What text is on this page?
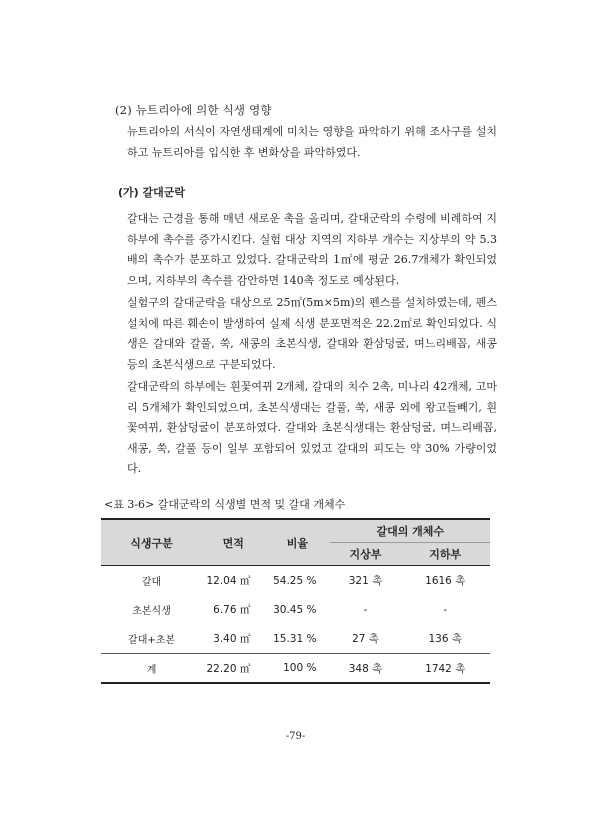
(2) 뉴트리아에 의한 식생 영향
뉴트리아의 서식이 자연생태계에 미치는 영향을 파악하기 위해 조사구를 설치하고 뉴트리아를 입식한 후 변화상을 파악하였다.
(가) 갈대군락
갈대는 근경을 통해 매년 새로운 촉을 올리며, 갈대군락의 수령에 비례하여 지하부에 촉수를 증가시킨다. 실험 대상 지역의 지하부 개수는 지상부의 약 5.3배의 촉수가 분포하고 있었다. 갈대군락의 1㎡에 평균 26.7개체가 확인되었으며, 지하부의 촉수를 감안하면 140촉 정도로 예상된다.
실험구의 갈대군락을 대상으로 25㎡(5m×5m)의 펜스를 설치하였는데, 펜스 설치에 따른 훼손이 발생하여 실제 식생 분포면적은 22.2㎡로 확인되었다. 식생은 갈대와 갈풀, 쑥, 새콩의 초본식생, 갈대와 환삼덩굴, 며느리배꼽, 새콩 등의 초본식생으로 구분되었다.
갈대군락의 하부에는 흰꽃여뀌 2개체, 갈대의 치수 2촉, 미나리 42개체, 고마리 5개체가 확인되었으며, 초본식생대는 갈풀, 쑥, 새콩 외에 왕고들빼기, 흰꽃여뀌, 환삼덩굴이 분포하였다. 갈대와 초본식생대는 환삼덩굴, 며느리배꼽, 새콩, 쑥, 갈풀 등이 일부 포함되어 있었고 갈대의 피도는 약 30% 가량이었다.
<표 3-6> 갈대군락의 식생별 면적 및 갈대 개체수
식생구분	면적	비율	갈대의 개체수	
			지상부	지하부
갈대	12.04 ㎡	54.25 %	321 촉	1616 촉
초본식생	6.76 ㎡	30.45 %	-	-
갈대+초본	3.40 ㎡	15.31 %	27 촉	136 촉
계	22.20 ㎡	100 %	348 촉	1742 촉
-79-
